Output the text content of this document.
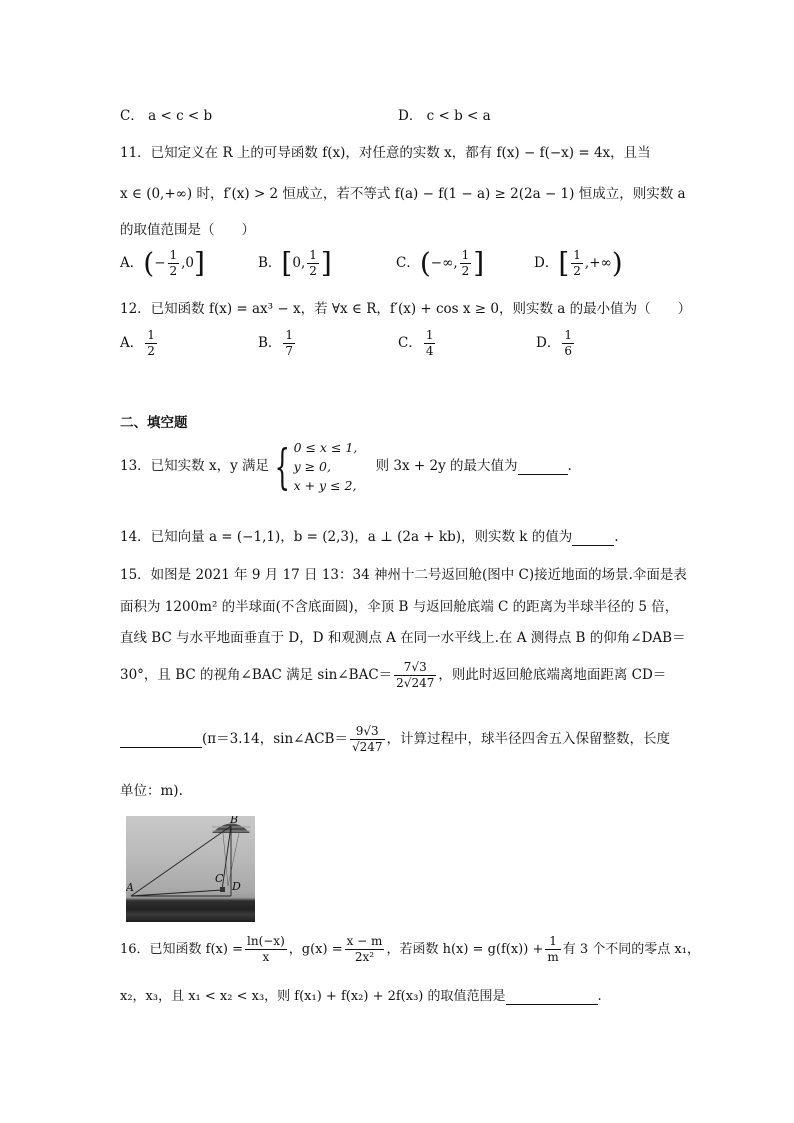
C． a < c < b	D． c < b < a
11．已知定义在 R 上的可导函数 f(x)，对任意的实数 x，都有 f(x) − f(−x) = 4x，且当
x ∈ (0,+∞) 时，f′(x) > 2 恒成立，若不等式 f(a) − f(1 − a) ≥ 2(2a − 1) 恒成立，则实数 a
的取值范围是（　　）
A．(− $\frac{1}{2} ,0$]	B．[0, $\frac{1}{2}$ ]	C．(−∞, $\frac{1}{2}$ ]	D．[ $\frac{1}{2}$ ,+∞)
12．已知函数 f(x) = ax³ − x，若 ∀x ∈ R，f′(x) + cos x ≥ 0，则实数 a 的最小值为（　　）
A． $\frac{1}{2}$	B． $\frac{1}{7}$	C． $\frac{1}{4}$	D． $\frac{1}{6}$
二、填空题
13．已知实数 x，y 满足 { 0 ≤ x ≤ 1,
y ≥ 0,
x + y ≤ 2,
则 3x + 2y 的最大值为	.
14．已知向量 a = (−1,1)，b = (2,3)，a ⊥ (2a + kb)，则实数 k 的值为	.
15．如图是 2021 年 9 月 17 日 13：34 神州十二号返回舱(图中 C)接近地面的场景.伞面是表
面积为 1200m² 的半球面(不含底面圆)，伞顶 B 与返回舱底端 C 的距离为半球半径的 5 倍，
直线 BC 与水平地面垂直于 D，D 和观测点 A 在同一水平线上.在 A 测得点 B 的仰角∠DAB＝
30°，且 BC 的视角∠BAC 满足 sin∠BAC＝ $\frac{7√3}{2√247}$ ，则此时返回舱底端离地面距离 CD＝
(π＝3.14，sin∠ACB＝ $\frac{9√3}{√247}$ ，计算过程中，球半径四舍五入保留整数，长度
单位：m).
B
C
A	D
16．已知函数 $f(x) = \frac{\ln(-x)}{x}$ ，$g(x) = \frac{x - m}{\text{2x²}}$ ，若函数 $h(x) = g(f(x)) + \frac{1}{m}$ 有 3 个不同的零点 x₁，
x₂，x₃，且 x₁ < x₂ < x₃，则 f(x₁) + f(x₂) + 2f(x₃) 的取值范围是	.
